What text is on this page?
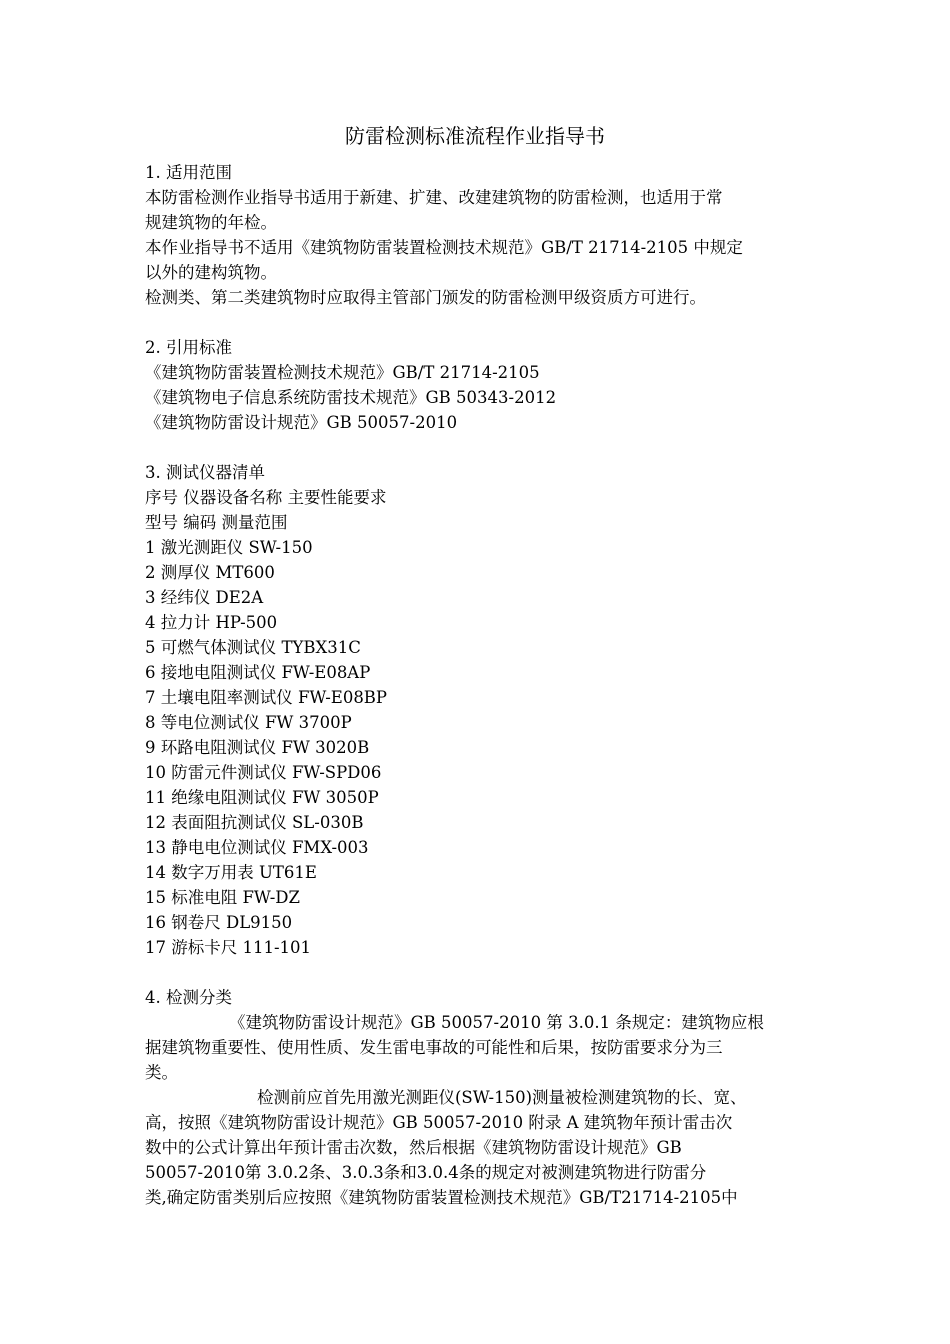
防雷检测标准流程作业指导书
1. 适用范围
本防雷检测作业指导书适用于新建、扩建、改建建筑物的防雷检测，也适用于常
规建筑物的年检。
本作业指导书不适用《建筑物防雷装置检测技术规范》GB/T 21714-2105 中规定
以外的建构筑物。
检测类、第二类建筑物时应取得主管部门颁发的防雷检测甲级资质方可进行。
2. 引用标准
《建筑物防雷装置检测技术规范》GB/T 21714-2105
《建筑物电子信息系统防雷技术规范》GB 50343-2012
《建筑物防雷设计规范》GB 50057-2010
3. 测试仪器清单
序号 仪器设备名称 主要性能要求
型号 编码 测量范围
1 激光测距仪 SW-150
2 测厚仪 MT600
3 经纬仪 DE2A
4 拉力计 HP-500
5 可燃气体测试仪 TYBX31C
6 接地电阻测试仪 FW-E08AP
7 土壤电阻率测试仪 FW-E08BP
8 等电位测试仪 FW 3700P
9 环路电阻测试仪 FW 3020B
10 防雷元件测试仪 FW-SPD06
11 绝缘电阻测试仪 FW 3050P
12 表面阻抗测试仪 SL-030B
13 静电电位测试仪 FMX-003
14 数字万用表 UT61E
15 标准电阻 FW-DZ
16 钢卷尺 DL9150
17 游标卡尺 111-101
4. 检测分类
《建筑物防雷设计规范》GB 50057-2010 第 3.0.1 条规定：建筑物应根
据建筑物重要性、使用性质、发生雷电事故的可能性和后果，按防雷要求分为三
类。
检测前应首先用激光测距仪(SW-150)测量被检测建筑物的长、宽、
高，按照《建筑物防雷设计规范》GB 50057-2010 附录 A 建筑物年预计雷击次
数中的公式计算出年预计雷击次数，然后根据《建筑物防雷设计规范》GB
50057-2010第 3.0.2条、3.0.3条和3.0.4条的规定对被测建筑物进行防雷分
类,确定防雷类别后应按照《建筑物防雷装置检测技术规范》GB/T21714-2105中
